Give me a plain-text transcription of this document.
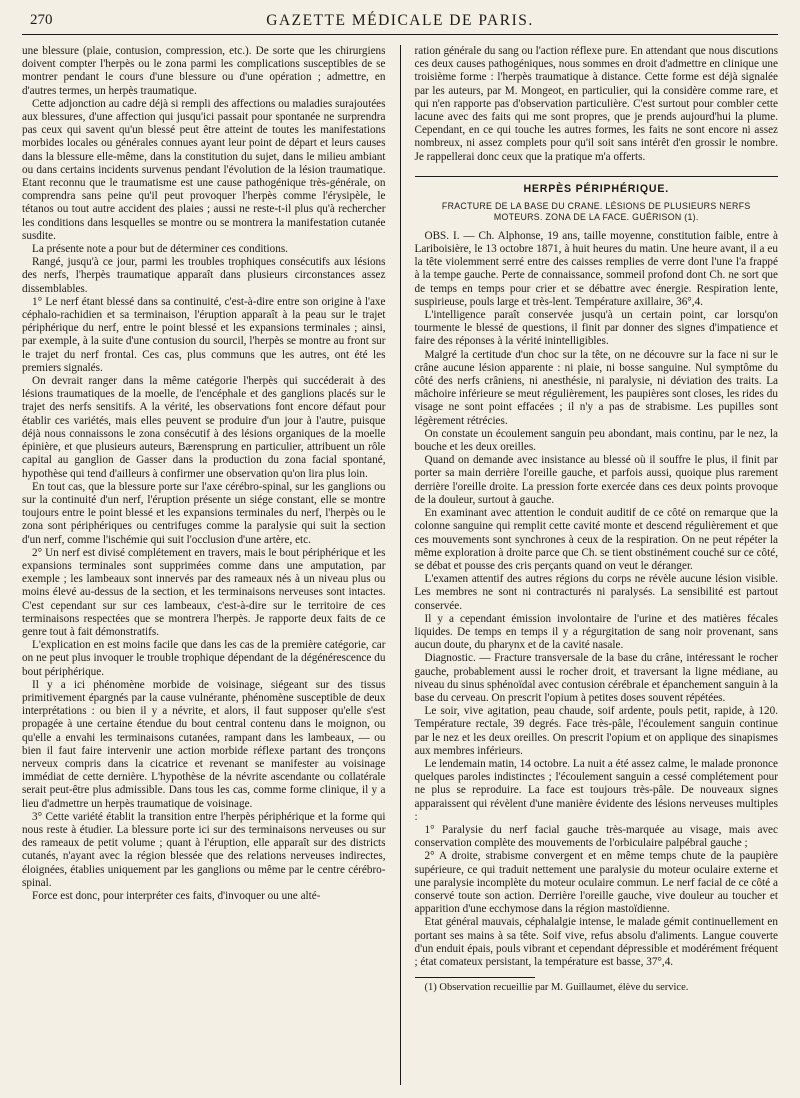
270	GAZETTE MÉDICALE DE PARIS.

une blessure (plaie, contusion, compression, etc.). De sorte que les chirurgiens doivent compter l'herpès ou le zona parmi les complications susceptibles de se montrer pendant le cours d'une blessure ou d'une opération ; admettre, en d'autres termes, un herpès traumatique.

Cette adjonction au cadre déjà si rempli des affections ou maladies surajoutées aux blessures, d'une affection qui jusqu'ici passait pour spontanée ne surprendra pas ceux qui savent qu'un blessé peut être atteint de toutes les manifestations morbides locales ou générales connues ayant leur point de départ et leurs causes dans la blessure elle-même, dans la constitution du sujet, dans le milieu ambiant ou dans certains incidents survenus pendant l'évolution de la lésion traumatique. Etant reconnu que le traumatisme est une cause pathogénique très-générale, on comprendra sans peine qu'il peut provoquer l'herpès comme l'érysipèle, le tétanos ou tout autre accident des plaies ; aussi ne reste-t-il plus qu'à rechercher les conditions dans lesquelles se montre ou se montrera la manifestation cutanée susdite.

La présente note a pour but de déterminer ces conditions.

Rangé, jusqu'à ce jour, parmi les troubles trophiques consécutifs aux lésions des nerfs, l'herpès traumatique apparaît dans plusieurs circonstances assez dissemblables.

1° Le nerf étant blessé dans sa continuité, c'est-à-dire entre son origine à l'axe céphalo-rachidien et sa terminaison, l'éruption apparaît à la peau sur le trajet périphérique du nerf, entre le point blessé et les expansions terminales ; ainsi, par exemple, à la suite d'une contusion du sourcil, l'herpès se montre au front sur le trajet du nerf frontal. Ces cas, plus communs que les autres, ont été les premiers signalés.

On devrait ranger dans la même catégorie l'herpès qui succéderait à des lésions traumatiques de la moelle, de l'encéphale et des ganglions placés sur le trajet des nerfs sensitifs. A la vérité, les observations font encore défaut pour établir ces variétés, mais elles peuvent se produire d'un jour à l'autre, puisque déjà nous connaissons le zona consécutif à des lésions organiques de la moelle épinière, et que plusieurs auteurs, Bærensprung en particulier, attribuent un rôle capital au ganglion de Gasser dans la production du zona facial spontané, hypothèse qui tend d'ailleurs à confirmer une observation qu'on lira plus loin.

En tout cas, que la blessure porte sur l'axe cérébro-spinal, sur les ganglions ou sur la continuité d'un nerf, l'éruption présente un siége constant, elle se montre toujours entre le point blessé et les expansions terminales du nerf, l'herpès ou le zona sont périphériques ou centrifuges comme la paralysie qui suit la section d'un nerf, comme l'ischémie qui suit l'occlusion d'une artère, etc.

2° Un nerf est divisé complétement en travers, mais le bout périphérique et les expansions terminales sont supprimées comme dans une amputation, par exemple ; les lambeaux sont innervés par des rameaux nés à un niveau plus ou moins élevé au-dessus de la section, et les terminaisons nerveuses sont intactes. C'est cependant sur sur ces lambeaux, c'est-à-dire sur le territoire de ces terminaisons respectées que se montrera l'herpès. Je rapporte deux faits de ce genre tout à fait démonstratifs.

L'explication en est moins facile que dans les cas de la première catégorie, car on ne peut plus invoquer le trouble trophique dépendant de la dégénérescence du bout périphérique.

Il y a ici phénomène morbide de voisinage, siégeant sur des tissus primitivement épargnés par la cause vulnérante, phénomène susceptible de deux interprétations : ou bien il y a névrite, et alors, il faut supposer qu'elle s'est propagée à une certaine étendue du bout central contenu dans le moignon, ou qu'elle a envahi les terminaisons cutanées, rampant dans les lambeaux, — ou bien il faut faire intervenir une action morbide réflexe partant des tronçons nerveux compris dans la cicatrice et revenant se manifester au voisinage immédiat de cette dernière. L'hypothèse de la névrite ascendante ou collatérale serait peut-être plus admissible. Dans tous les cas, comme forme clinique, il y a lieu d'admettre un herpès traumatique de voisinage.

3° Cette variété établit la transition entre l'herpès périphérique et la forme qui nous reste à étudier. La blessure porte ici sur des terminaisons nerveuses ou sur des rameaux de petit volume ; quant à l'éruption, elle apparaît sur des districts cutanés, n'ayant avec la région blessée que des relations nerveuses indirectes, éloignées, établies uniquement par les ganglions ou même par le centre cérébro-spinal.

Force est donc, pour interpréter ces faits, d'invoquer ou une alté-

ration générale du sang ou l'action réflexe pure. En attendant que nous discutions ces deux causes pathogéniques, nous sommes en droit d'admettre en clinique une troisième forme : l'herpès traumatique à distance. Cette forme est déjà signalée par les auteurs, par M. Mongeot, en particulier, qui la considère comme rare, et qui n'en rapporte pas d'observation particulière. C'est surtout pour combler cette lacune avec des faits qui me sont propres, que je prends aujourd'hui la plume. Cependant, en ce qui touche les autres formes, les faits ne sont encore ni assez nombreux, ni assez complets pour qu'il soit sans intérêt d'en grossir le nombre. Je rappellerai donc ceux que la pratique m'a offerts.

HERPÈS PÉRIPHÉRIQUE.
FRACTURE DE LA BASE DU CRANE. LÉSIONS DE PLUSIEURS NERFS MOTEURS. ZONA DE LA FACE. GUÉRISON (1).

OBS. I. — Ch. Alphonse, 19 ans, taille moyenne, constitution faible, entre à Lariboisière, le 13 octobre 1871, à huit heures du matin. Une heure avant, il a eu la tête violemment serré entre des caisses remplies de verre dont l'une l'a frappé à la tempe gauche. Perte de connaissance, sommeil profond dont Ch. ne sort que de temps en temps pour crier et se débattre avec énergie. Respiration lente, suspirieuse, pouls large et très-lent. Température axillaire, 36°,4.

L'intelligence paraît conservée jusqu'à un certain point, car lorsqu'on tourmente le blessé de questions, il finit par donner des signes d'impatience et faire des réponses à la vérité inintelligibles.

Malgré la certitude d'un choc sur la tête, on ne découvre sur la face ni sur le crâne aucune lésion apparente : ni plaie, ni bosse sanguine. Nul symptôme du côté des nerfs crâniens, ni anesthésie, ni paralysie, ni déviation des traits. La mâchoire inférieure se meut régulièrement, les paupières sont closes, les rides du visage ne sont point effacées ; il n'y a pas de strabisme. Les pupilles sont légèrement rétrécies.

On constate un écoulement sanguin peu abondant, mais continu, par le nez, la bouche et les deux oreilles.

Quand on demande avec insistance au blessé où il souffre le plus, il finit par porter sa main derrière l'oreille gauche, et parfois aussi, quoique plus rarement derrière l'oreille droite. La pression forte exercée dans ces deux points provoque de la douleur, surtout à gauche.

En examinant avec attention le conduit auditif de ce côté on remarque que la colonne sanguine qui remplit cette cavité monte et descend régulièrement et que ces mouvements sont synchrones à ceux de la respiration. On ne peut répéter la même exploration à droite parce que Ch. se tient obstinément couché sur ce côté, se débat et pousse des cris perçants quand on veut le déranger.

L'examen attentif des autres régions du corps ne révèle aucune lésion visible. Les membres ne sont ni contracturés ni paralysés. La sensibilité est partout conservée.

Il y a cependant émission involontaire de l'urine et des matières fécales liquides. De temps en temps il y a régurgitation de sang noir provenant, sans aucun doute, du pharynx et de la cavité nasale.

Diagnostic. — Fracture transversale de la base du crâne, intéressant le rocher gauche, probablement aussi le rocher droit, et traversant la ligne médiane, au niveau du sinus sphénoïdal avec contusion cérébrale et épanchement sanguin à la base du cerveau. On prescrit l'opium à petites doses souvent répétées.

Le soir, vive agitation, peau chaude, soif ardente, pouls petit, rapide, à 120. Température rectale, 39 degrés. Face très-pâle, l'écoulement sanguin continue par le nez et les deux oreilles. On prescrit l'opium et on applique des sinapismes aux membres inférieurs.

Le lendemain matin, 14 octobre. La nuit a été assez calme, le malade prononce quelques paroles indistinctes ; l'écoulement sanguin a cessé complétement pour ne plus se reproduire. La face est toujours très-pâle. De nouveaux signes apparaissent qui révèlent d'une manière évidente des lésions nerveuses multiples :

1° Paralysie du nerf facial gauche très-marquée au visage, mais avec conservation complète des mouvements de l'orbiculaire palpébral gauche ;

2° A droite, strabisme convergent et en même temps chute de la paupière supérieure, ce qui traduit nettement une paralysie du moteur oculaire externe et une paralysie incomplète du moteur oculaire commun. Le nerf facial de ce côté a conservé toute son action. Derrière l'oreille gauche, vive douleur au toucher et apparition d'une ecchymose dans la région mastoïdienne.

Etat général mauvais, céphalalgie intense, le malade gémit continuellement en portant ses mains à sa tête. Soif vive, refus absolu d'aliments. Langue couverte d'un enduit épais, pouls vibrant et cependant dépressible et modérément fréquent ; état comateux persistant, la température est basse, 37°,4.

(1) Observation recueillie par M. Guillaumet, élève du service.
